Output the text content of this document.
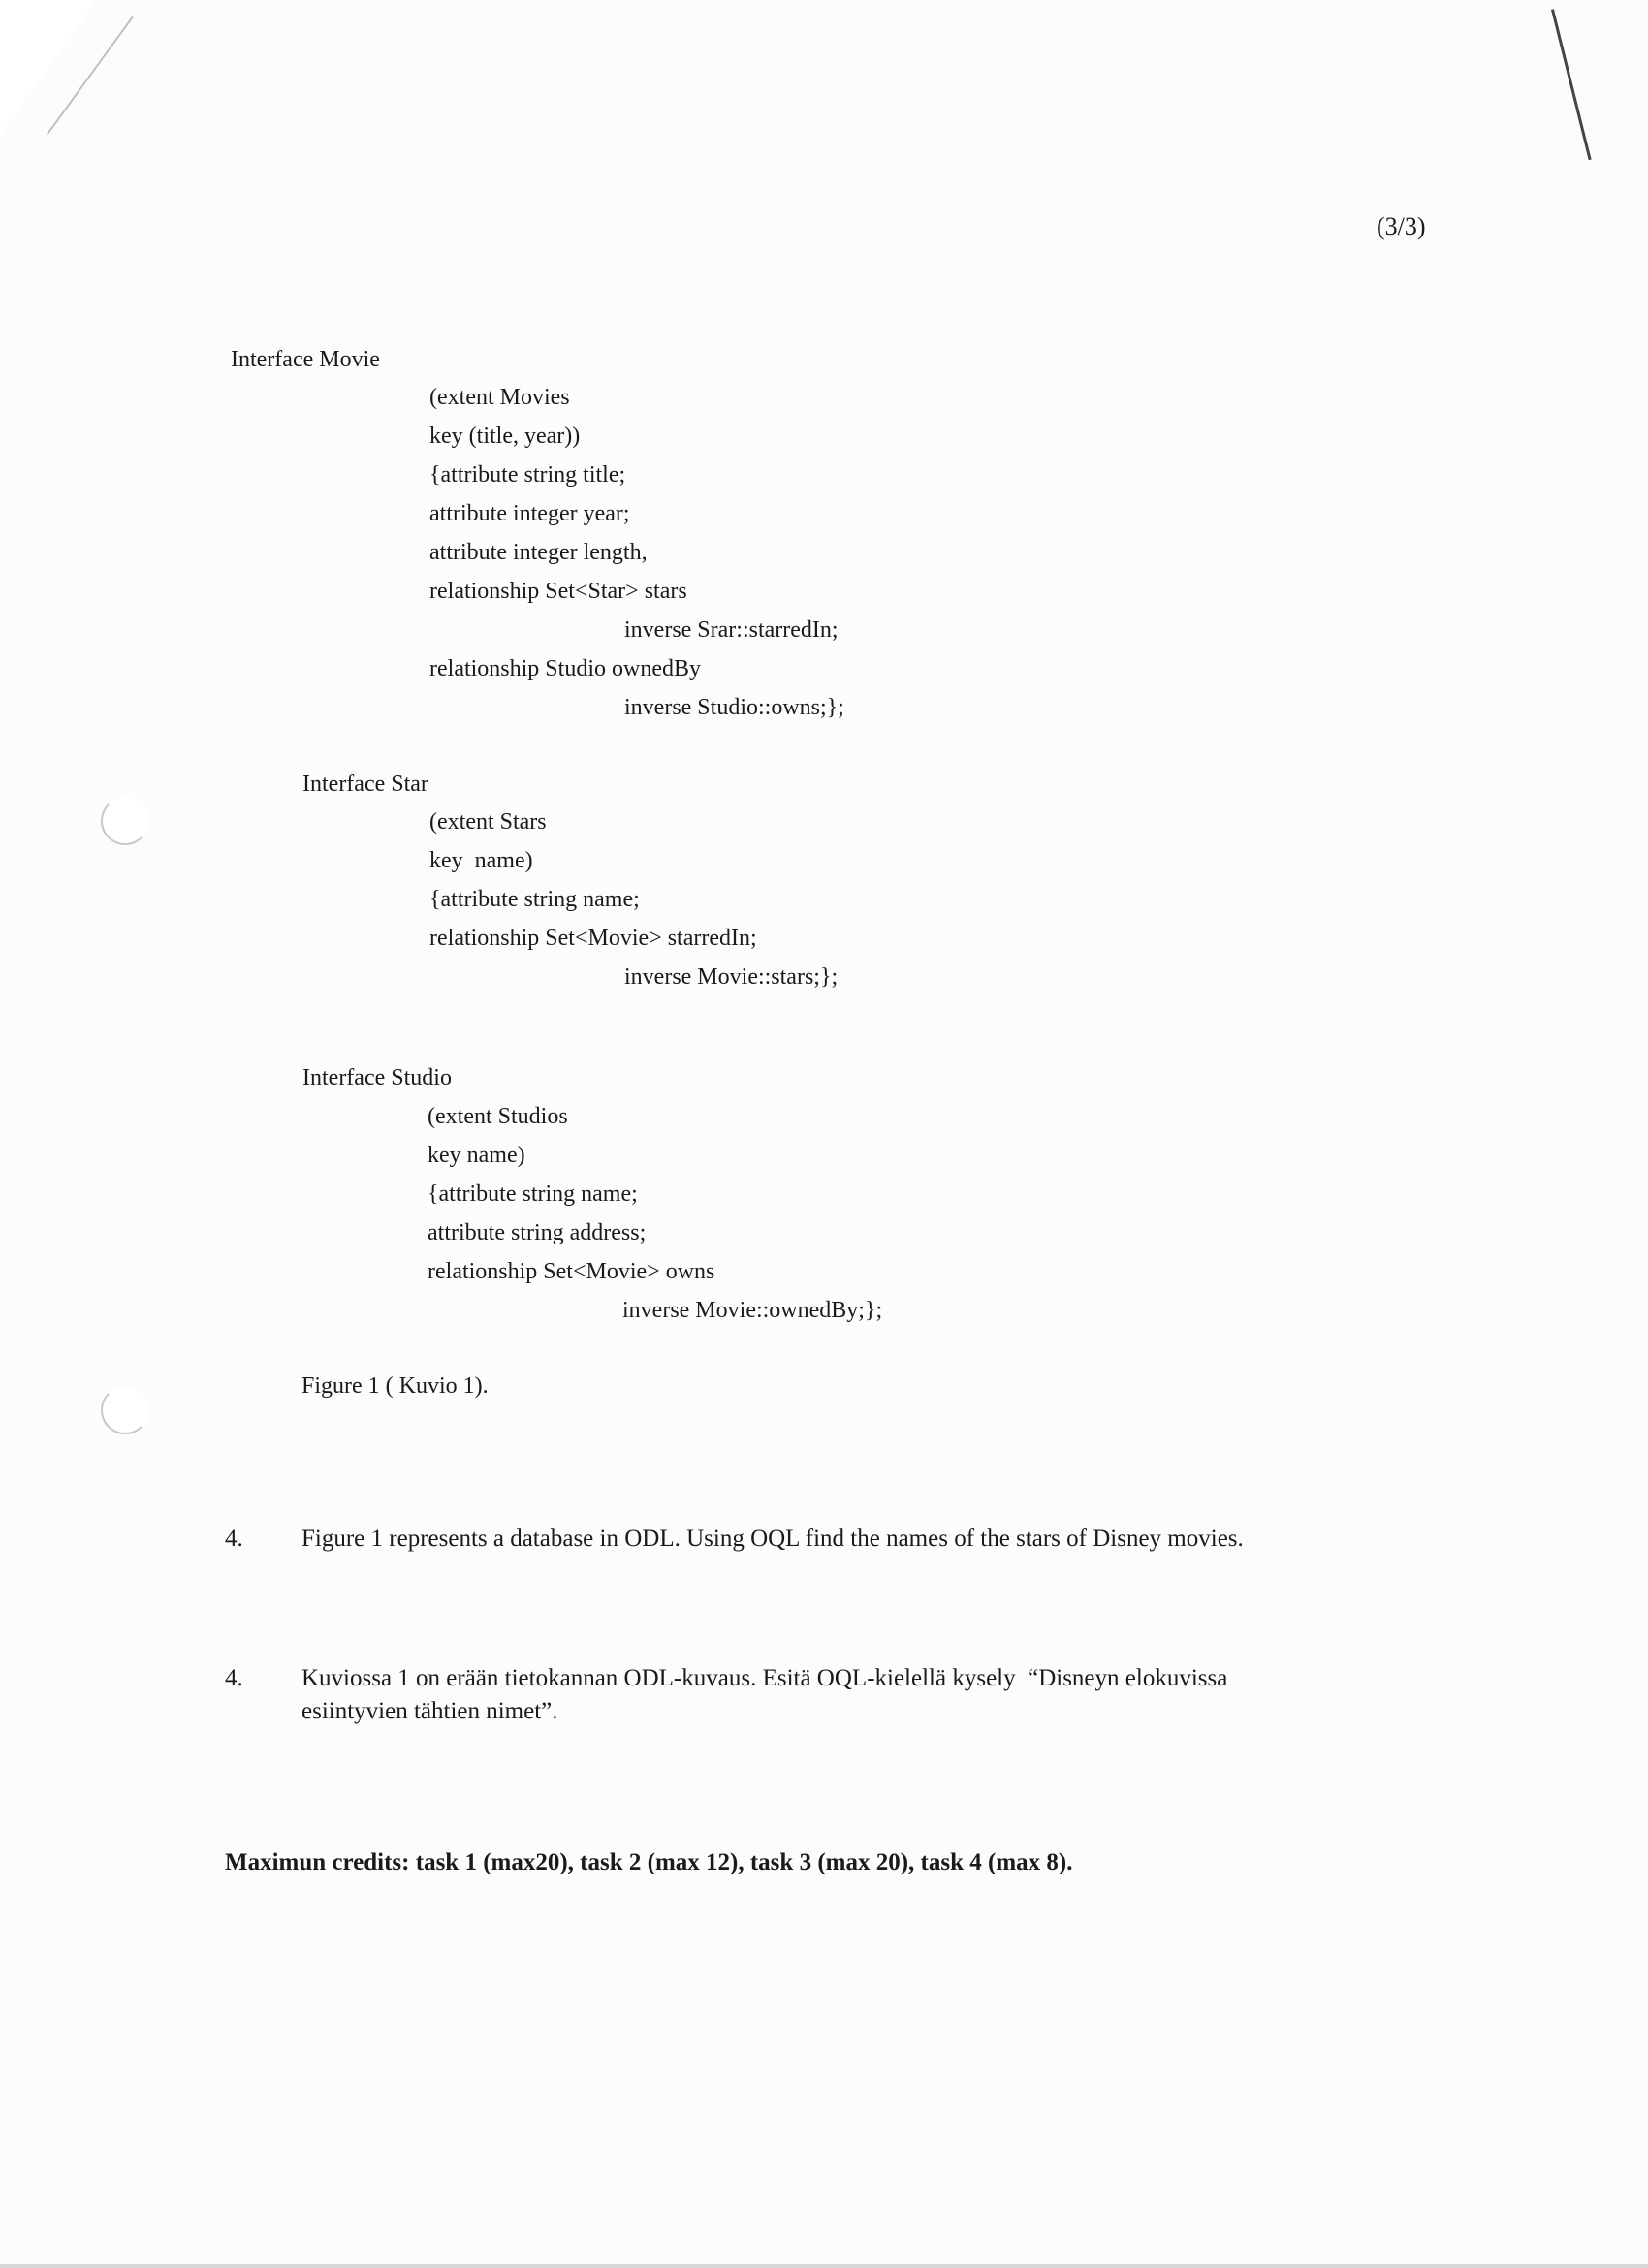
(3/3)
Interface Movie
(extent Movies
key (title, year))
{attribute string title;
attribute integer year;
attribute integer length,
relationship Set<Star> stars
inverse Srar::starredIn;
relationship Studio ownedBy
inverse Studio::owns;};
Interface Star
(extent Stars
key  name)
{attribute string name;
relationship Set<Movie> starredIn;
inverse Movie::stars;};
Interface Studio
(extent Studios
key name)
{attribute string name;
attribute string address;
relationship Set<Movie> owns
inverse Movie::ownedBy;};
Figure 1 ( Kuvio 1).
4. Figure 1 represents a database in ODL. Using OQL find the names of the stars of Disney movies.
4. Kuviossa 1 on erään tietokannan ODL-kuvaus. Esitä OQL-kielellä kysely  “Disneyn elokuvissa
esiintyvien tähtien nimet”.
Maximun credits: task 1 (max20), task 2 (max 12), task 3 (max 20), task 4 (max 8).
